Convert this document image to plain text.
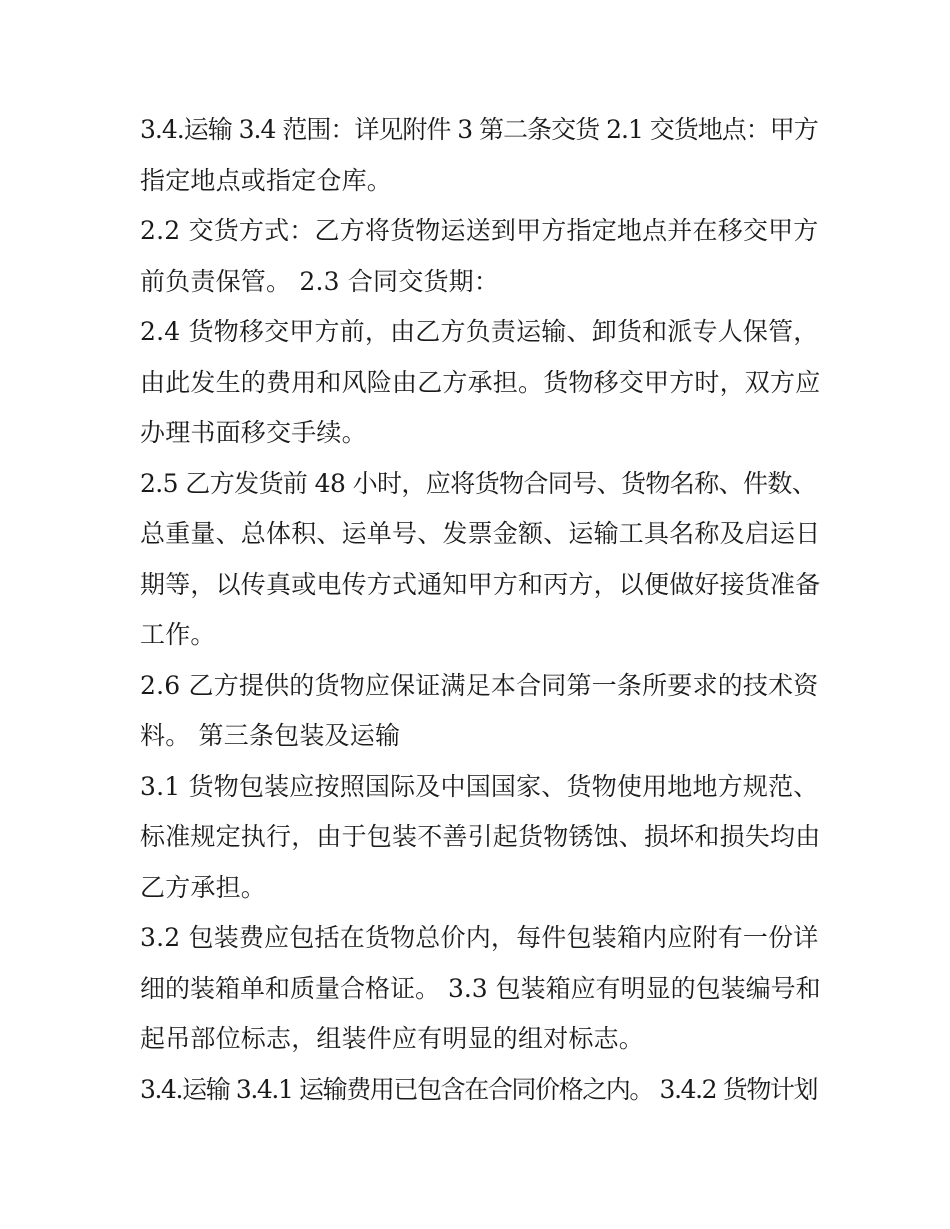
3.4.运输 3.4 范围：详见附件 3 第二条交货 2.1 交货地点：甲方

指定地点或指定仓库。

2.2 交货方式：乙方将货物运送到甲方指定地点并在移交甲方

前负责保管。 2.3 合同交货期：

2.4 货物移交甲方前，由乙方负责运输、卸货和派专人保管，

由此发生的费用和风险由乙方承担。货物移交甲方时，双方应

办理书面移交手续。

2.5 乙方发货前 48 小时，应将货物合同号、货物名称、件数、

总重量、总体积、运单号、发票金额、运输工具名称及启运日

期等，以传真或电传方式通知甲方和丙方，以便做好接货准备

工作。

2.6 乙方提供的货物应保证满足本合同第一条所要求的技术资

料。 第三条包装及运输

3.1 货物包装应按照国际及中国国家、货物使用地地方规范、

标准规定执行，由于包装不善引起货物锈蚀、损坏和损失均由

乙方承担。

3.2 包装费应包括在货物总价内，每件包装箱内应附有一份详

细的装箱单和质量合格证。 3.3 包装箱应有明显的包装编号和

起吊部位标志，组装件应有明显的组对标志。

3.4.运输 3.4.1 运输费用已包含在合同价格之内。 3.4.2 货物计划
